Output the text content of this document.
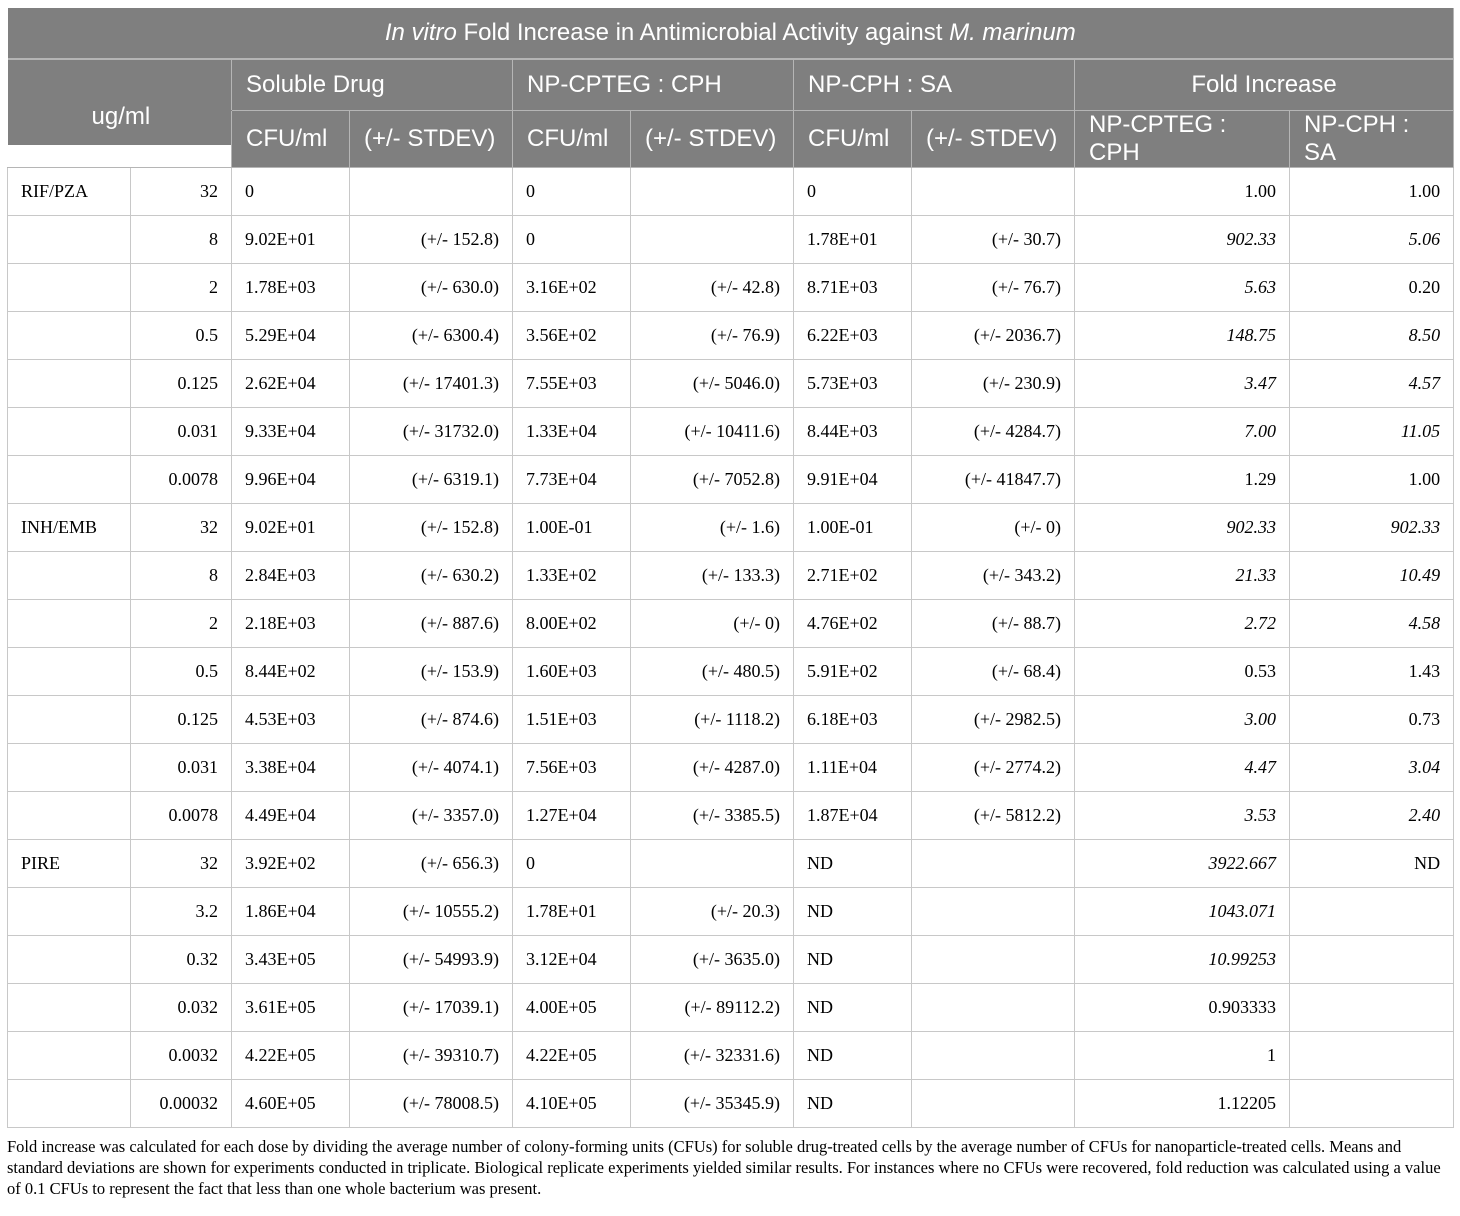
In vitro Fold Increase in Antimicrobial Activity against M. marinum									
		Soluble Drug		NP-CPTEG : CPH		NP-CPH : SA		Fold Increase	
ug/ml		CFU/ml	(+/- STDEV)	CFU/ml	(+/- STDEV)	CFU/ml	(+/- STDEV)	NP-CPTEG : CPH	NP-CPH : SA
RIF/PZA	32	0		0		0		1.00	1.00
	8	9.02E+01	(+/- 152.8)	0		1.78E+01	(+/- 30.7)	902.33	5.06
	2	1.78E+03	(+/- 630.0)	3.16E+02	(+/- 42.8)	8.71E+03	(+/- 76.7)	5.63	0.20
	0.5	5.29E+04	(+/- 6300.4)	3.56E+02	(+/- 76.9)	6.22E+03	(+/- 2036.7)	148.75	8.50
	0.125	2.62E+04	(+/- 17401.3)	7.55E+03	(+/- 5046.0)	5.73E+03	(+/- 230.9)	3.47	4.57
	0.031	9.33E+04	(+/- 31732.0)	1.33E+04	(+/- 10411.6)	8.44E+03	(+/- 4284.7)	7.00	11.05
	0.0078	9.96E+04	(+/- 6319.1)	7.73E+04	(+/- 7052.8)	9.91E+04	(+/- 41847.7)	1.29	1.00
INH/EMB	32	9.02E+01	(+/- 152.8)	1.00E-01	(+/- 1.6)	1.00E-01	(+/- 0)	902.33	902.33
	8	2.84E+03	(+/- 630.2)	1.33E+02	(+/- 133.3)	2.71E+02	(+/- 343.2)	21.33	10.49
	2	2.18E+03	(+/- 887.6)	8.00E+02	(+/- 0)	4.76E+02	(+/- 88.7)	2.72	4.58
	0.5	8.44E+02	(+/- 153.9)	1.60E+03	(+/- 480.5)	5.91E+02	(+/- 68.4)	0.53	1.43
	0.125	4.53E+03	(+/- 874.6)	1.51E+03	(+/- 1118.2)	6.18E+03	(+/- 2982.5)	3.00	0.73
	0.031	3.38E+04	(+/- 4074.1)	7.56E+03	(+/- 4287.0)	1.11E+04	(+/- 2774.2)	4.47	3.04
	0.0078	4.49E+04	(+/- 3357.0)	1.27E+04	(+/- 3385.5)	1.87E+04	(+/- 5812.2)	3.53	2.40
PIRE	32	3.92E+02	(+/- 656.3)	0		ND		3922.667	ND
	3.2	1.86E+04	(+/- 10555.2)	1.78E+01	(+/- 20.3)	ND		1043.071	
	0.32	3.43E+05	(+/- 54993.9)	3.12E+04	(+/- 3635.0)	ND		10.99253	
	0.032	3.61E+05	(+/- 17039.1)	4.00E+05	(+/- 89112.2)	ND		0.903333	
	0.0032	4.22E+05	(+/- 39310.7)	4.22E+05	(+/- 32331.6)	ND		1	
	0.00032	4.60E+05	(+/- 78008.5)	4.10E+05	(+/- 35345.9)	ND		1.12205	
Fold increase was calculated for each dose by dividing the average number of colony-forming units (CFUs) for soluble drug-treated cells by the average number of CFUs for nanoparticle-treated cells. Means and standard deviations are shown for experiments conducted in triplicate. Biological replicate experiments yielded similar results. For instances where no CFUs were recovered, fold reduction was calculated using a value of 0.1 CFUs to represent the fact that less than one whole bacterium was present.
